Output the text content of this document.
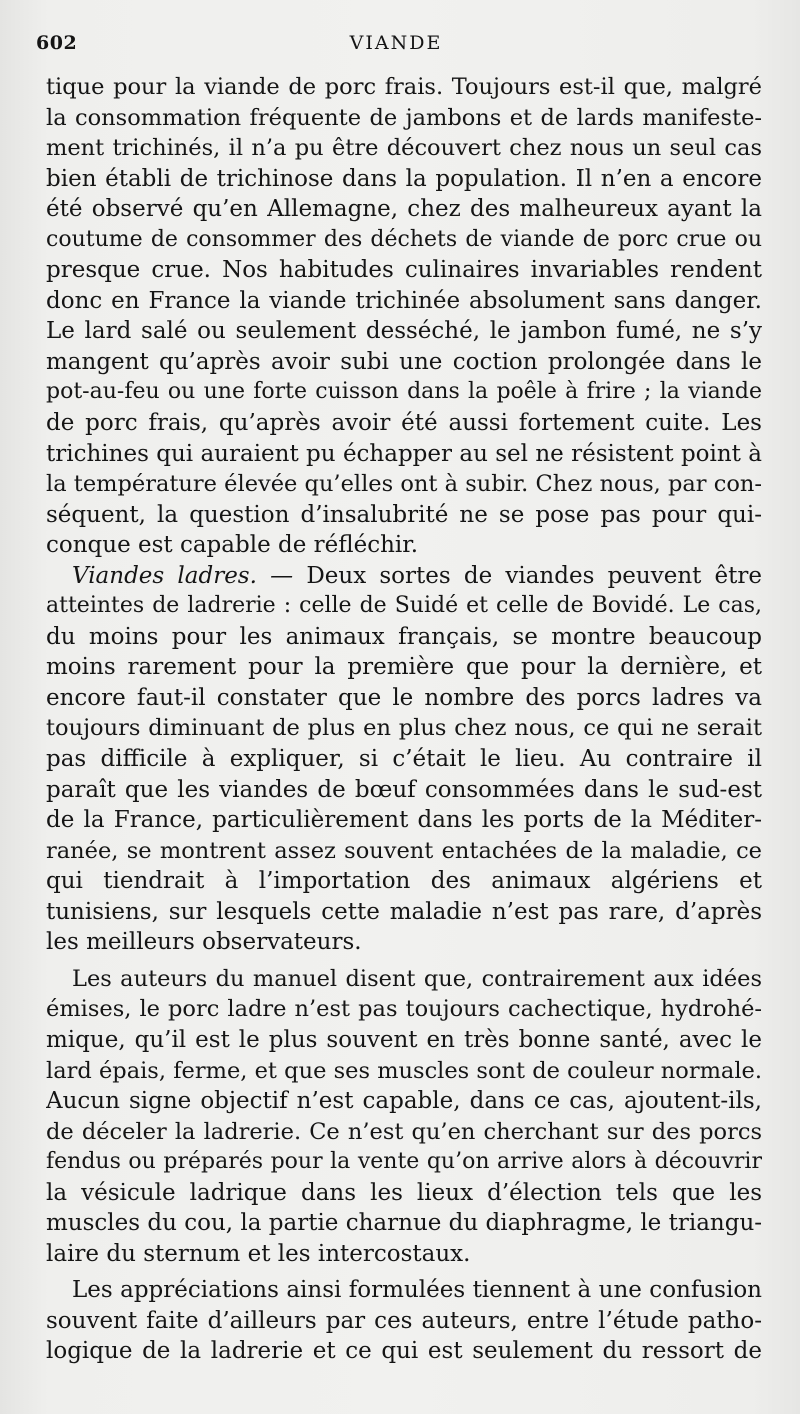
602	VIANDE
tique pour la viande de porc frais. Toujours est-il que, malgré
la consommation fréquente de jambons et de lards manifeste-
ment trichinés, il n’a pu être découvert chez nous un seul cas
bien établi de trichinose dans la population. Il n’en a encore
été observé qu’en Allemagne, chez des malheureux ayant la
coutume de consommer des déchets de viande de porc crue ou
presque crue. Nos habitudes culinaires invariables rendent
donc en France la viande trichinée absolument sans danger.
Le lard salé ou seulement desséché, le jambon fumé, ne s’y
mangent qu’après avoir subi une coction prolongée dans le
pot-au-feu ou une forte cuisson dans la poêle à frire ; la viande
de porc frais, qu’après avoir été aussi fortement cuite. Les
trichines qui auraient pu échapper au sel ne résistent point à
la température élevée qu’elles ont à subir. Chez nous, par con-
séquent, la question d’insalubrité ne se pose pas pour qui-
conque est capable de réfléchir.
Viandes ladres. — Deux sortes de viandes peuvent être
atteintes de ladrerie : celle de Suidé et celle de Bovidé. Le cas,
du moins pour les animaux français, se montre beaucoup
moins rarement pour la première que pour la dernière, et
encore faut-il constater que le nombre des porcs ladres va
toujours diminuant de plus en plus chez nous, ce qui ne serait
pas difficile à expliquer, si c’était le lieu. Au contraire il
paraît que les viandes de bœuf consommées dans le sud-est
de la France, particulièrement dans les ports de la Méditer-
ranée, se montrent assez souvent entachées de la maladie, ce
qui tiendrait à l’importation des animaux algériens et
tunisiens, sur lesquels cette maladie n’est pas rare, d’après
les meilleurs observateurs.
Les auteurs du manuel disent que, contrairement aux idées
émises, le porc ladre n’est pas toujours cachectique, hydrohé-
mique, qu’il est le plus souvent en très bonne santé, avec le
lard épais, ferme, et que ses muscles sont de couleur normale.
Aucun signe objectif n’est capable, dans ce cas, ajoutent-ils,
de déceler la ladrerie. Ce n’est qu’en cherchant sur des porcs
fendus ou préparés pour la vente qu’on arrive alors à découvrir
la vésicule ladrique dans les lieux d’élection tels que les
muscles du cou, la partie charnue du diaphragme, le triangu-
laire du sternum et les intercostaux.
Les appréciations ainsi formulées tiennent à une confusion
souvent faite d’ailleurs par ces auteurs, entre l’étude patho-
logique de la ladrerie et ce qui est seulement du ressort de
